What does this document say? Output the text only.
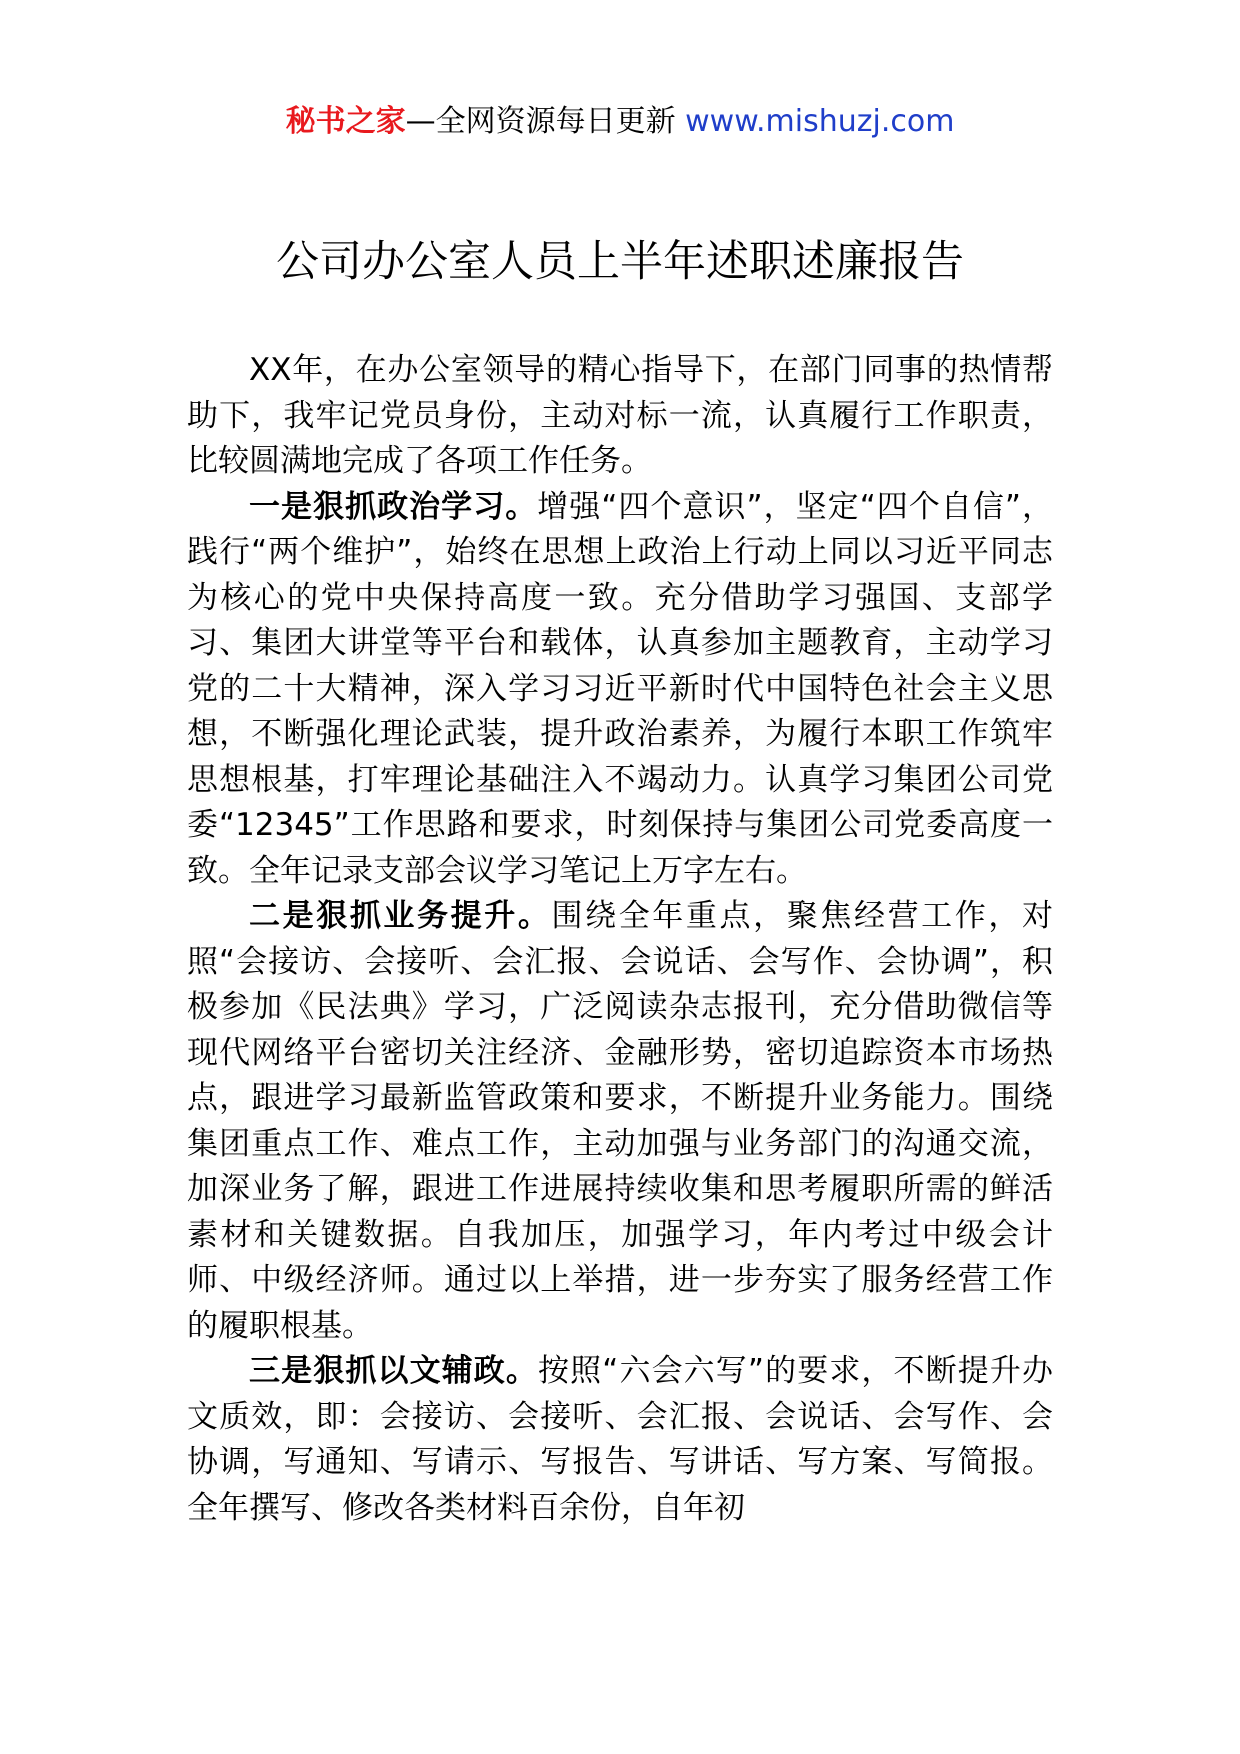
秘书之家—全网资源每日更新 www.mishuzj.com
公司办公室人员上半年述职述廉报告

XX年，在办公室领导的精心指导下，在部门同事的热情帮助下，我牢记党员身份，主动对标一流，认真履行工作职责，比较圆满地完成了各项工作任务。

一是狠抓政治学习。增强“四个意识”，坚定“四个自信”，践行“两个维护”，始终在思想上政治上行动上同以习近平同志为核心的党中央保持高度一致。充分借助学习强国、支部学习、集团大讲堂等平台和载体，认真参加主题教育，主动学习党的二十大精神，深入学习习近平新时代中国特色社会主义思想，不断强化理论武装，提升政治素养，为履行本职工作筑牢思想根基，打牢理论基础注入不竭动力。认真学习集团公司党委“12345”工作思路和要求，时刻保持与集团公司党委高度一致。全年记录支部会议学习笔记上万字左右。

二是狠抓业务提升。围绕全年重点，聚焦经营工作，对照“会接访、会接听、会汇报、会说话、会写作、会协调”，积极参加《民法典》学习，广泛阅读杂志报刊，充分借助微信等现代网络平台密切关注经济、金融形势，密切追踪资本市场热点，跟进学习最新监管政策和要求，不断提升业务能力。围绕集团重点工作、难点工作，主动加强与业务部门的沟通交流，加深业务了解，跟进工作进展持续收集和思考履职所需的鲜活素材和关键数据。自我加压，加强学习，年内考过中级会计师、中级经济师。通过以上举措，进一步夯实了服务经营工作的履职根基。

三是狠抓以文辅政。按照“六会六写”的要求，不断提升办文质效，即：会接访、会接听、会汇报、会说话、会写作、会协调，写通知、写请示、写报告、写讲话、写方案、写简报。全年撰写、修改各类材料百余份，自年初
